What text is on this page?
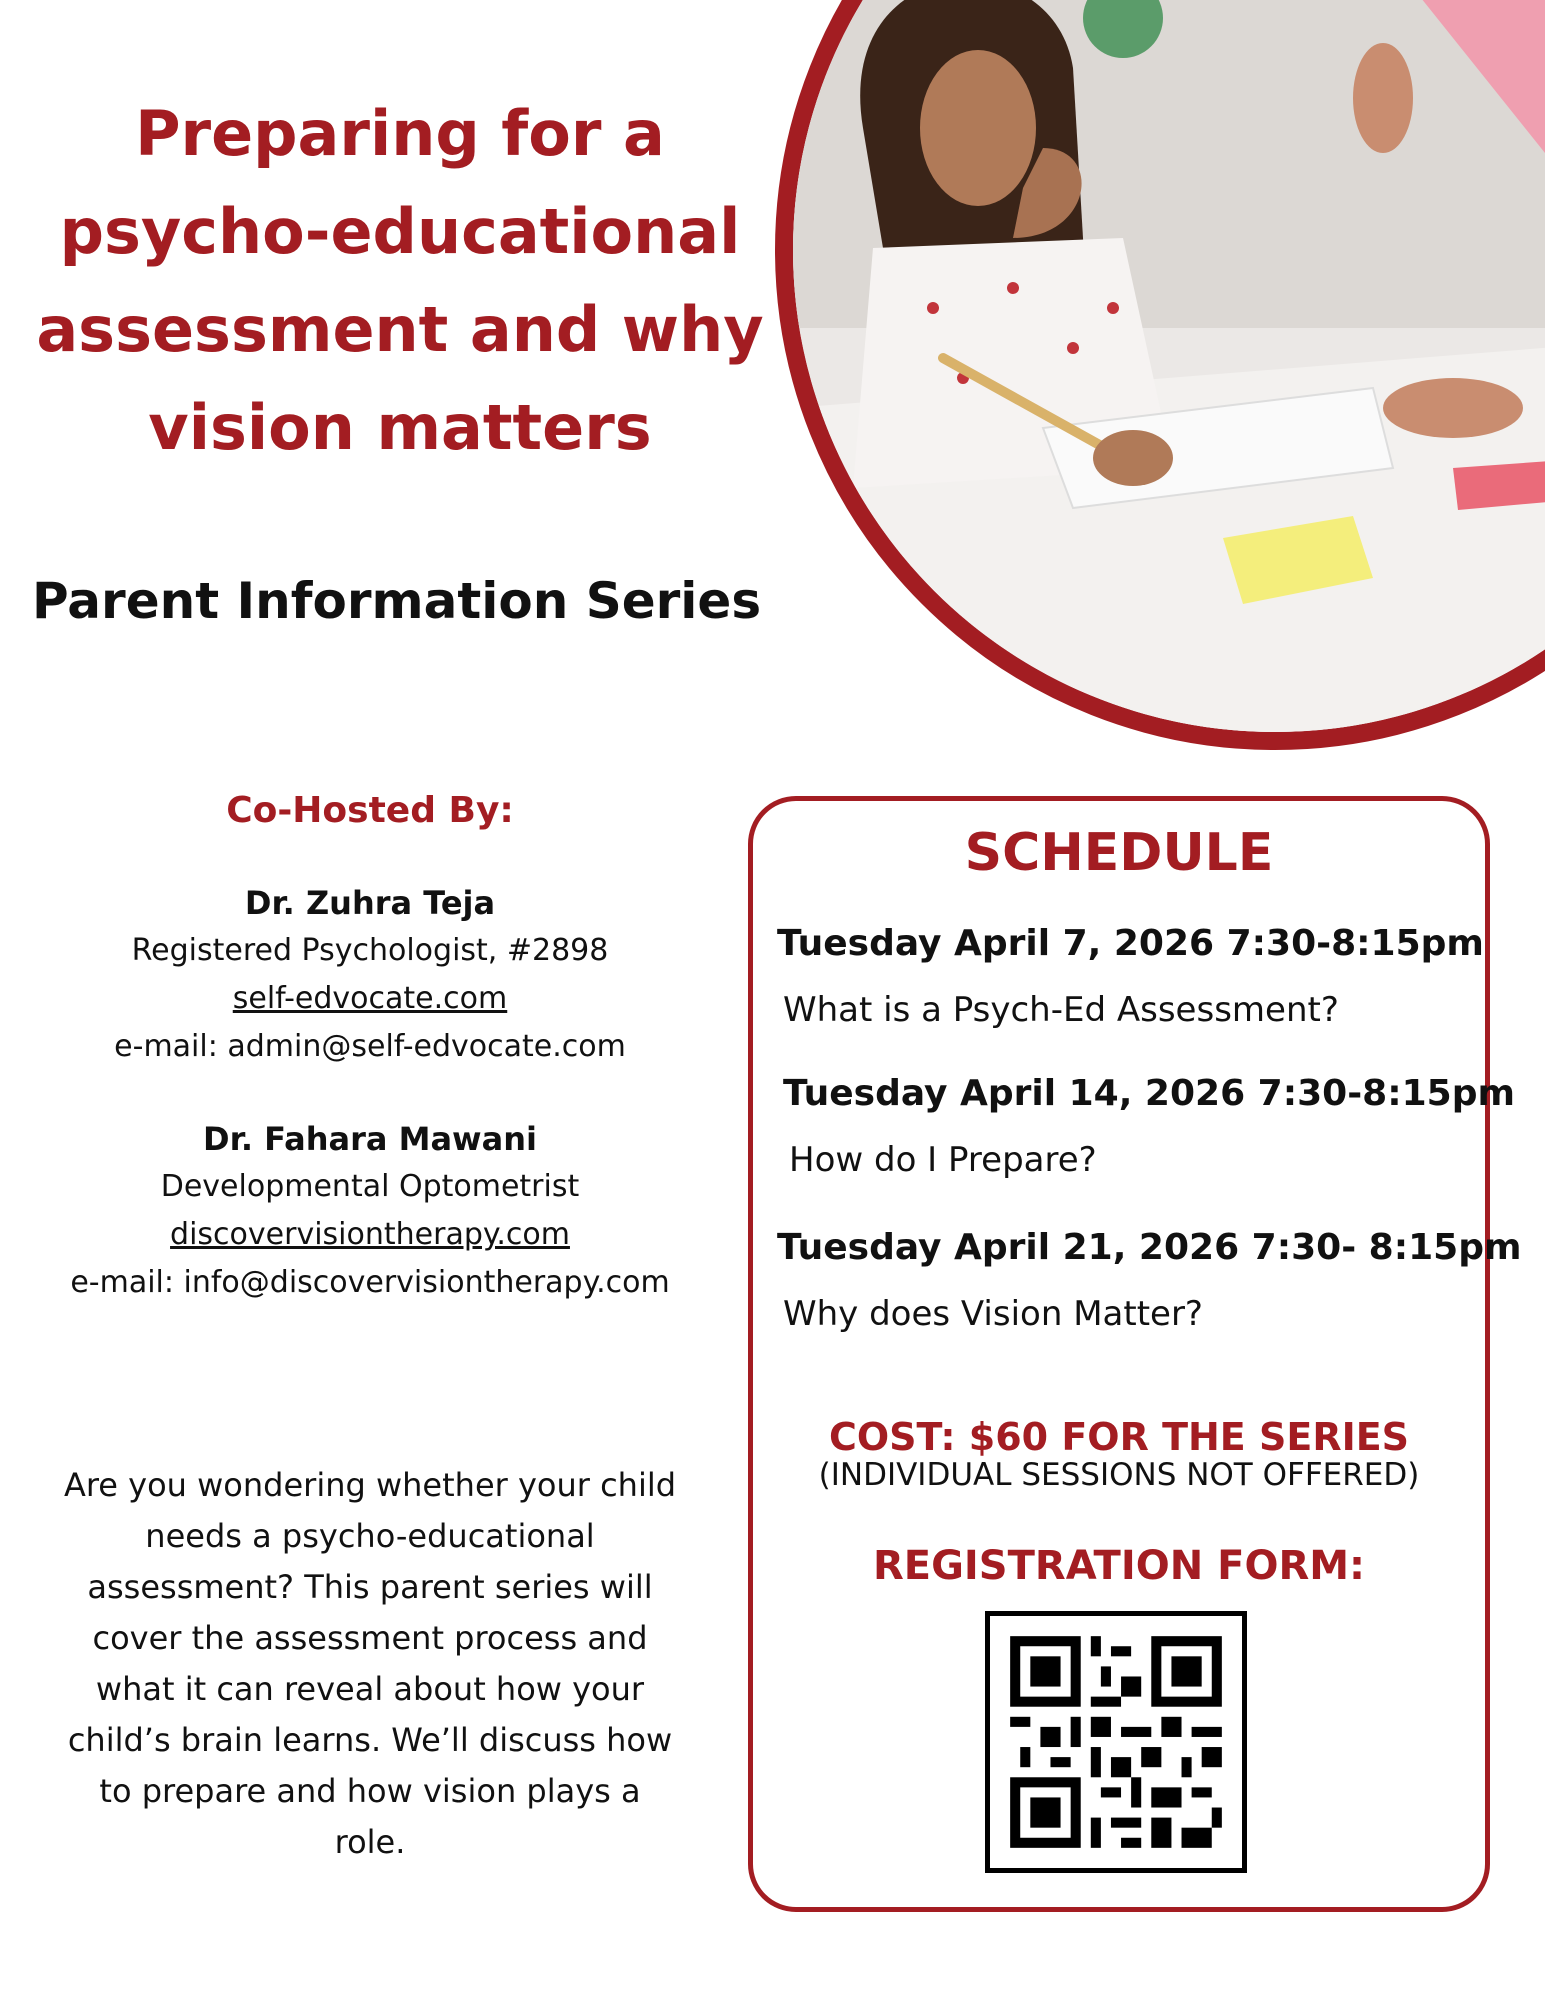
Preparing for a
psycho-educational
assessment and why
vision matters
Parent Information Series
Co-Hosted By:
Dr. Zuhra Teja
Registered Psychologist, #2898
self-edvocate.com
e-mail: admin@self-edvocate.com
Dr. Fahara Mawani
Developmental Optometrist
discovervisiontherapy.com
e-mail: info@discovervisiontherapy.com
Are you wondering whether your child needs a psycho-educational assessment? This parent series will cover the assessment process and what it can reveal about how your child’s brain learns. We’ll discuss how to prepare and how vision plays a role.
SCHEDULE
Tuesday April 7, 2026 7:30-8:15pm
What is a Psych-Ed Assessment?
Tuesday April 14, 2026 7:30-8:15pm
How do I Prepare?
Tuesday April 21, 2026 7:30- 8:15pm
Why does Vision Matter?
COST: $60 FOR THE SERIES
(INDIVIDUAL SESSIONS NOT OFFERED)
REGISTRATION FORM:
